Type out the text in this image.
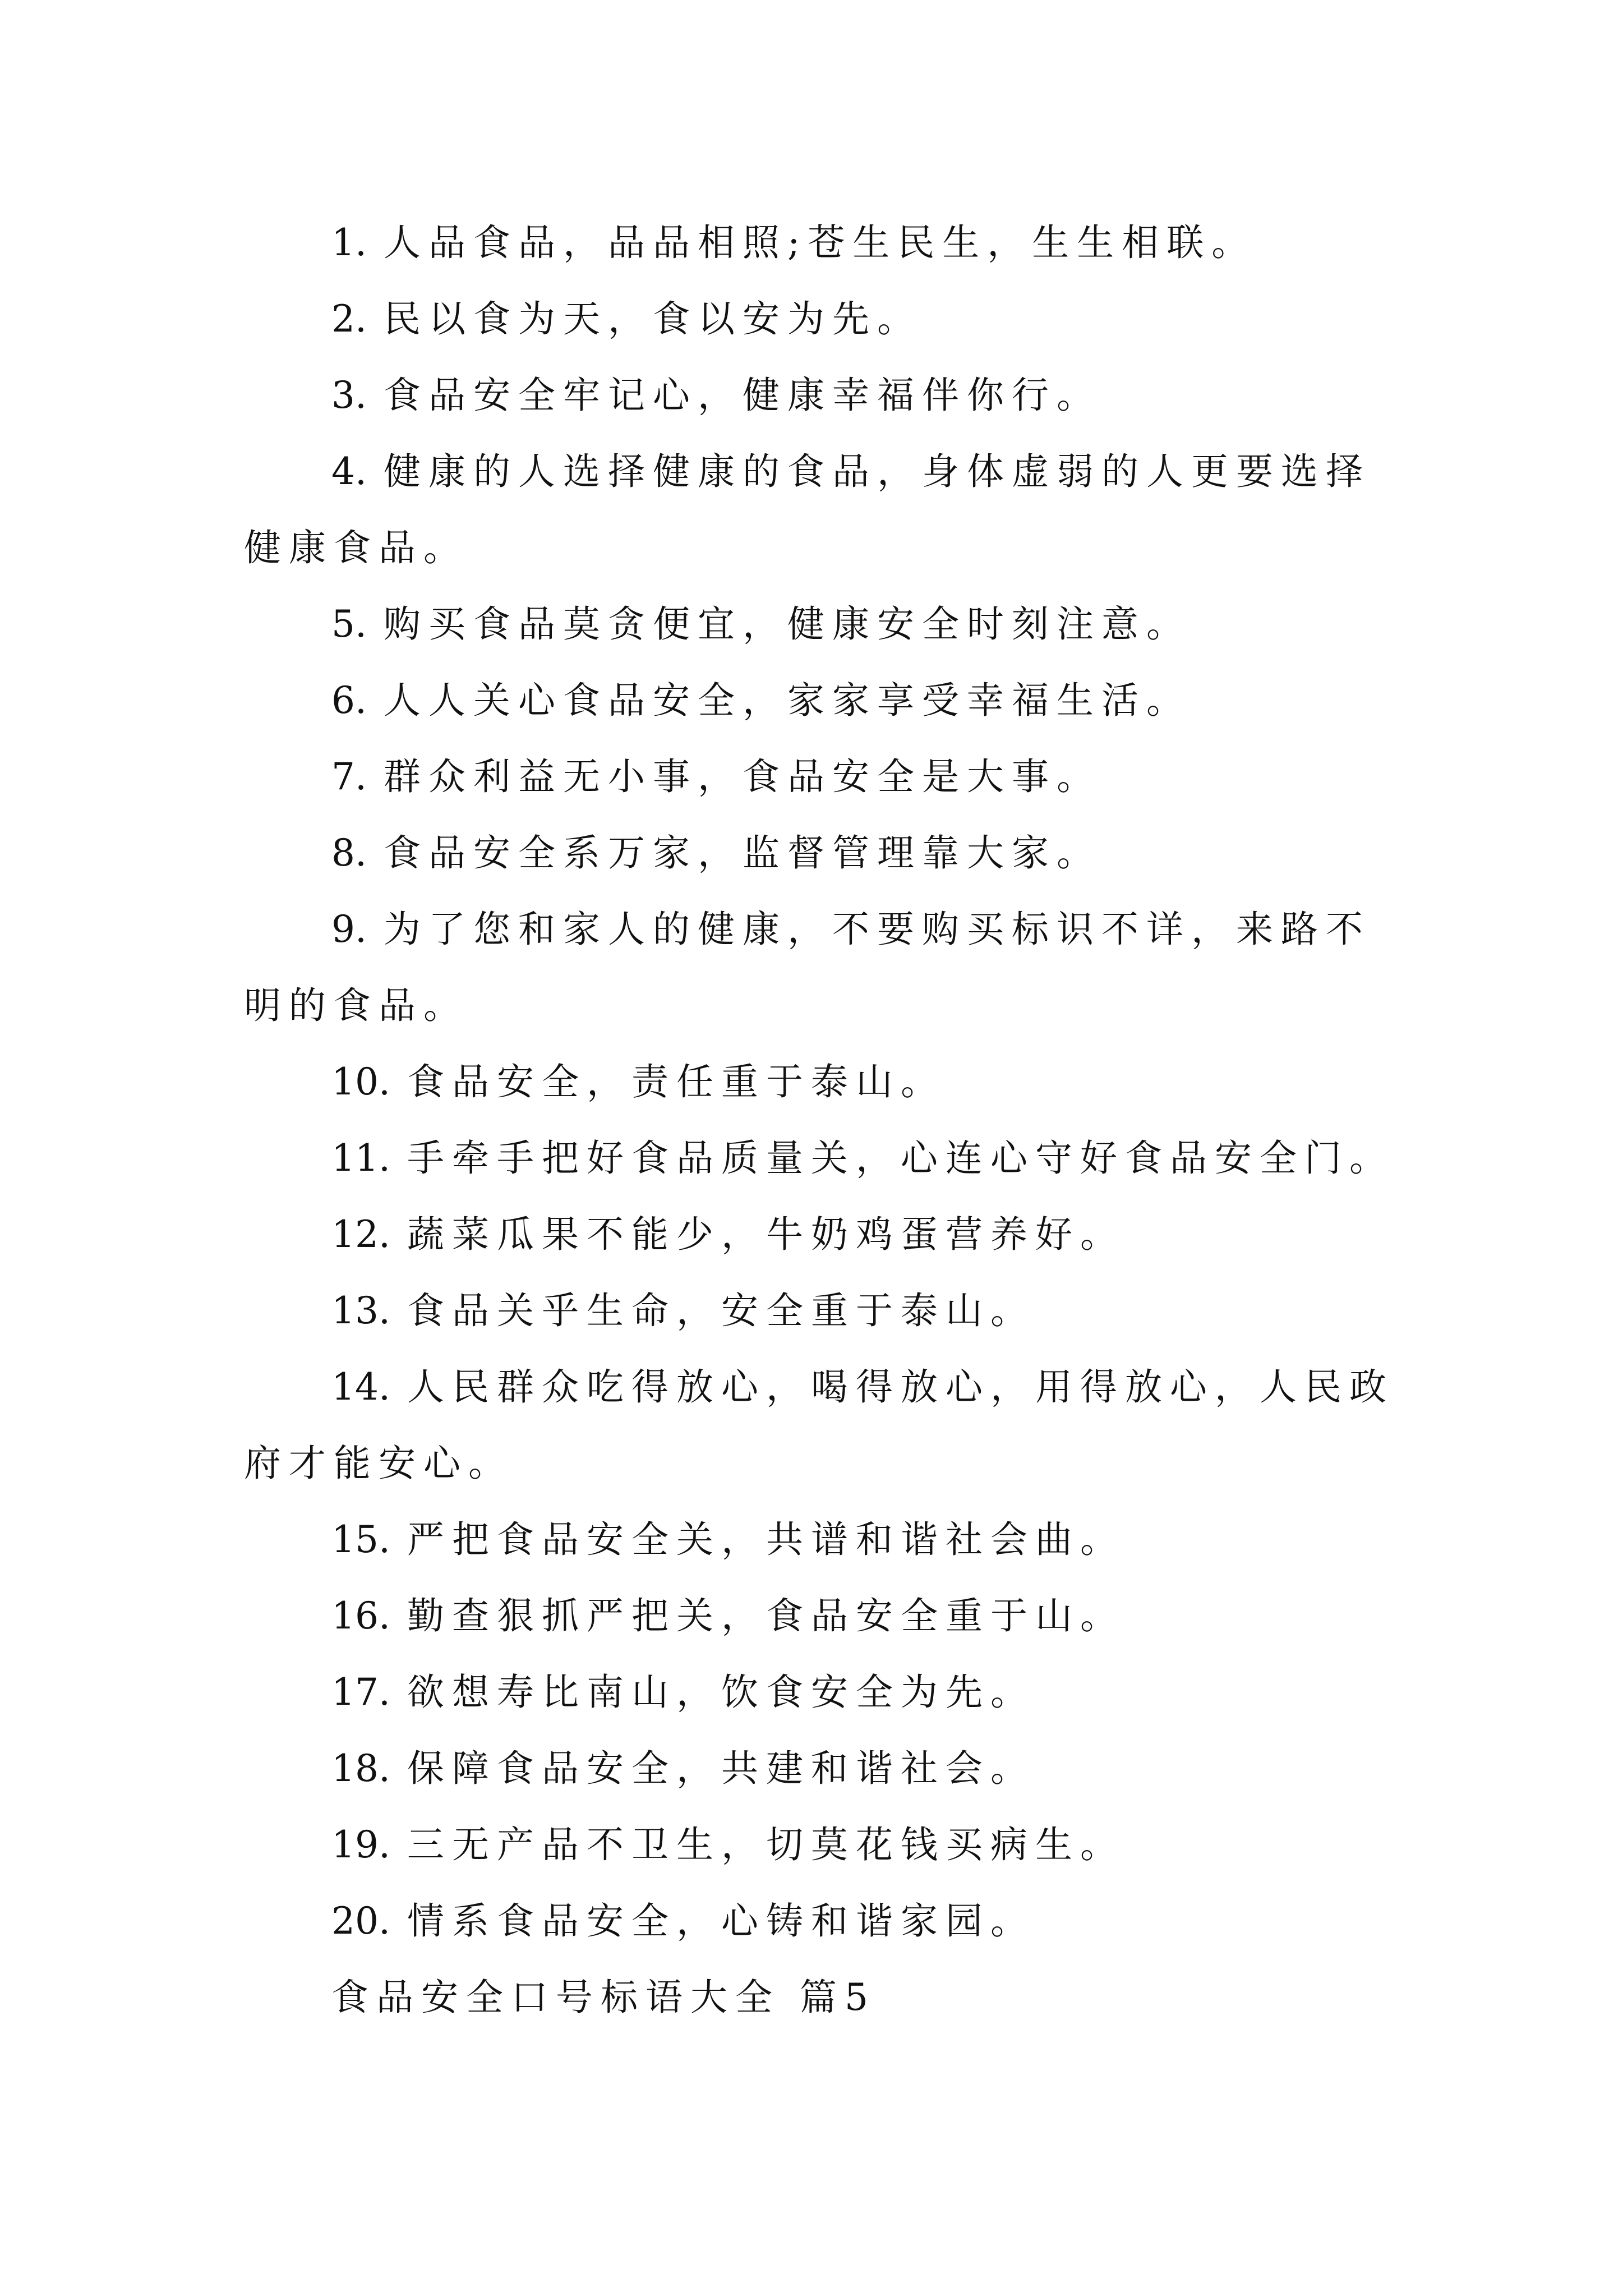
1. 人品食品，品品相照;苍生民生，生生相联。

2. 民以食为天，食以安为先。

3. 食品安全牢记心，健康幸福伴你行。

4. 健康的人选择健康的食品，身体虚弱的人更要选择健康食品。

5. 购买食品莫贪便宜，健康安全时刻注意。

6. 人人关心食品安全，家家享受幸福生活。

7. 群众利益无小事，食品安全是大事。

8. 食品安全系万家，监督管理靠大家。

9. 为了您和家人的健康，不要购买标识不详，来路不明的食品。

10. 食品安全，责任重于泰山。

11. 手牵手把好食品质量关，心连心守好食品安全门。

12. 蔬菜瓜果不能少，牛奶鸡蛋营养好。

13. 食品关乎生命，安全重于泰山。

14. 人民群众吃得放心，喝得放心，用得放心，人民政府才能安心。

15. 严把食品安全关，共谱和谐社会曲。

16. 勤查狠抓严把关，食品安全重于山。

17. 欲想寿比南山，饮食安全为先。

18. 保障食品安全，共建和谐社会。

19. 三无产品不卫生，切莫花钱买病生。

20. 情系食品安全，心铸和谐家园。

食品安全口号标语大全 篇5
